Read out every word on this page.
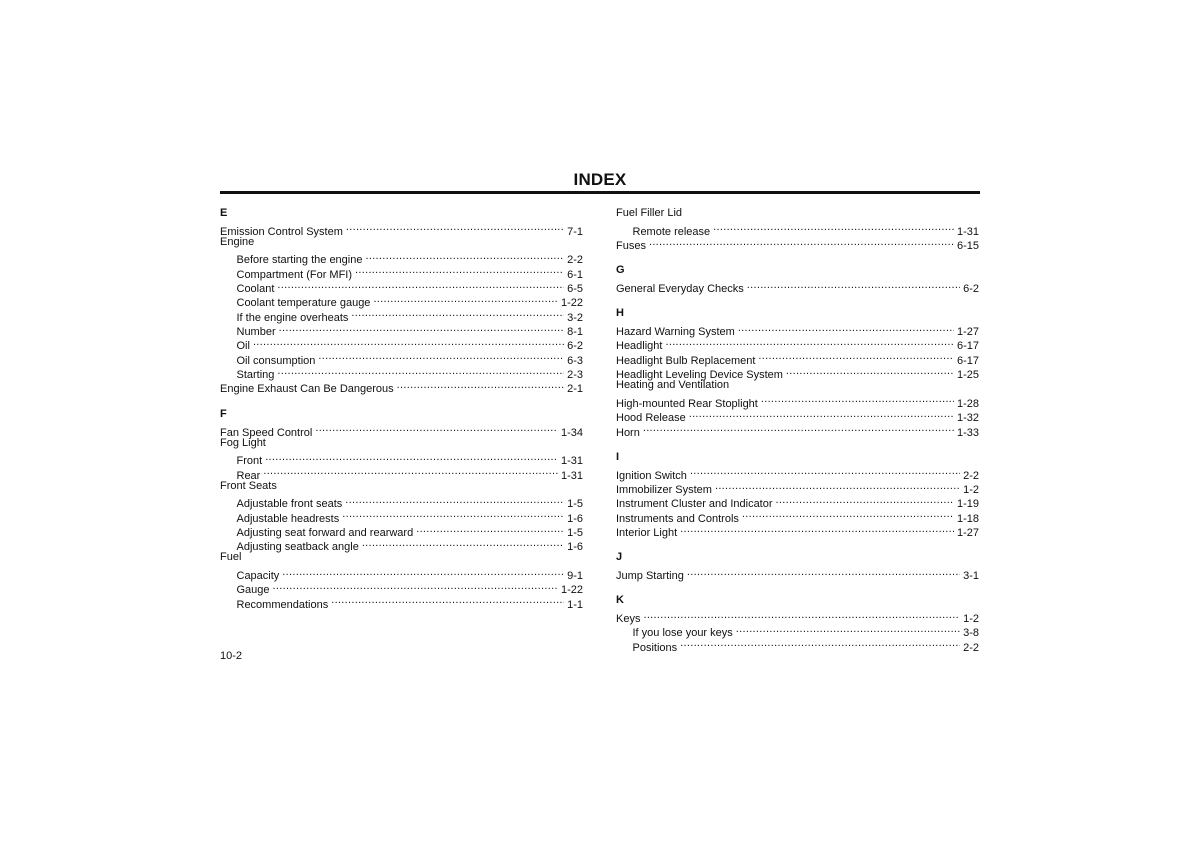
INDEX
E
Emission Control System .....	7-1
Engine
Before starting the engine .....	2-2
Compartment (For MFI) .....	6-1
Coolant .....	6-5
Coolant temperature gauge .....	1-22
If the engine overheats .....	3-2
Number .....	8-1
Oil .....	6-2
Oil consumption .....	6-3
Starting .....	2-3
Engine Exhaust Can Be Dangerous .....	2-1
F
Fan Speed Control .....	1-34
Fog Light
Front .....	1-31
Rear .....	1-31
Front Seats
Adjustable front seats .....	1-5
Adjustable headrests .....	1-6
Adjusting seat forward and rearward .....	1-5
Adjusting seatback angle .....	1-6
Fuel
Capacity .....	9-1
Gauge .....	1-22
Recommendations .....	1-1
Fuel Filler Lid
Remote release .....	1-31
Fuses .....	6-15
G
General Everyday Checks .....	6-2
H
Hazard Warning System .....	1-27
Headlight .....	6-17
Headlight Bulb Replacement .....	6-17
Headlight Leveling Device System .....	1-25
Heating and Ventilation
High-mounted Rear Stoplight .....	1-28
Hood Release .....	1-32
Horn .....	1-33
I
Ignition Switch .....	2-2
Immobilizer System .....	1-2
Instrument Cluster and Indicator .....	1-19
Instruments and Controls .....	1-18
Interior Light .....	1-27
J
Jump Starting .....	3-1
K
Keys .....	1-2
If you lose your keys .....	3-8
Positions .....	2-2
10-2
